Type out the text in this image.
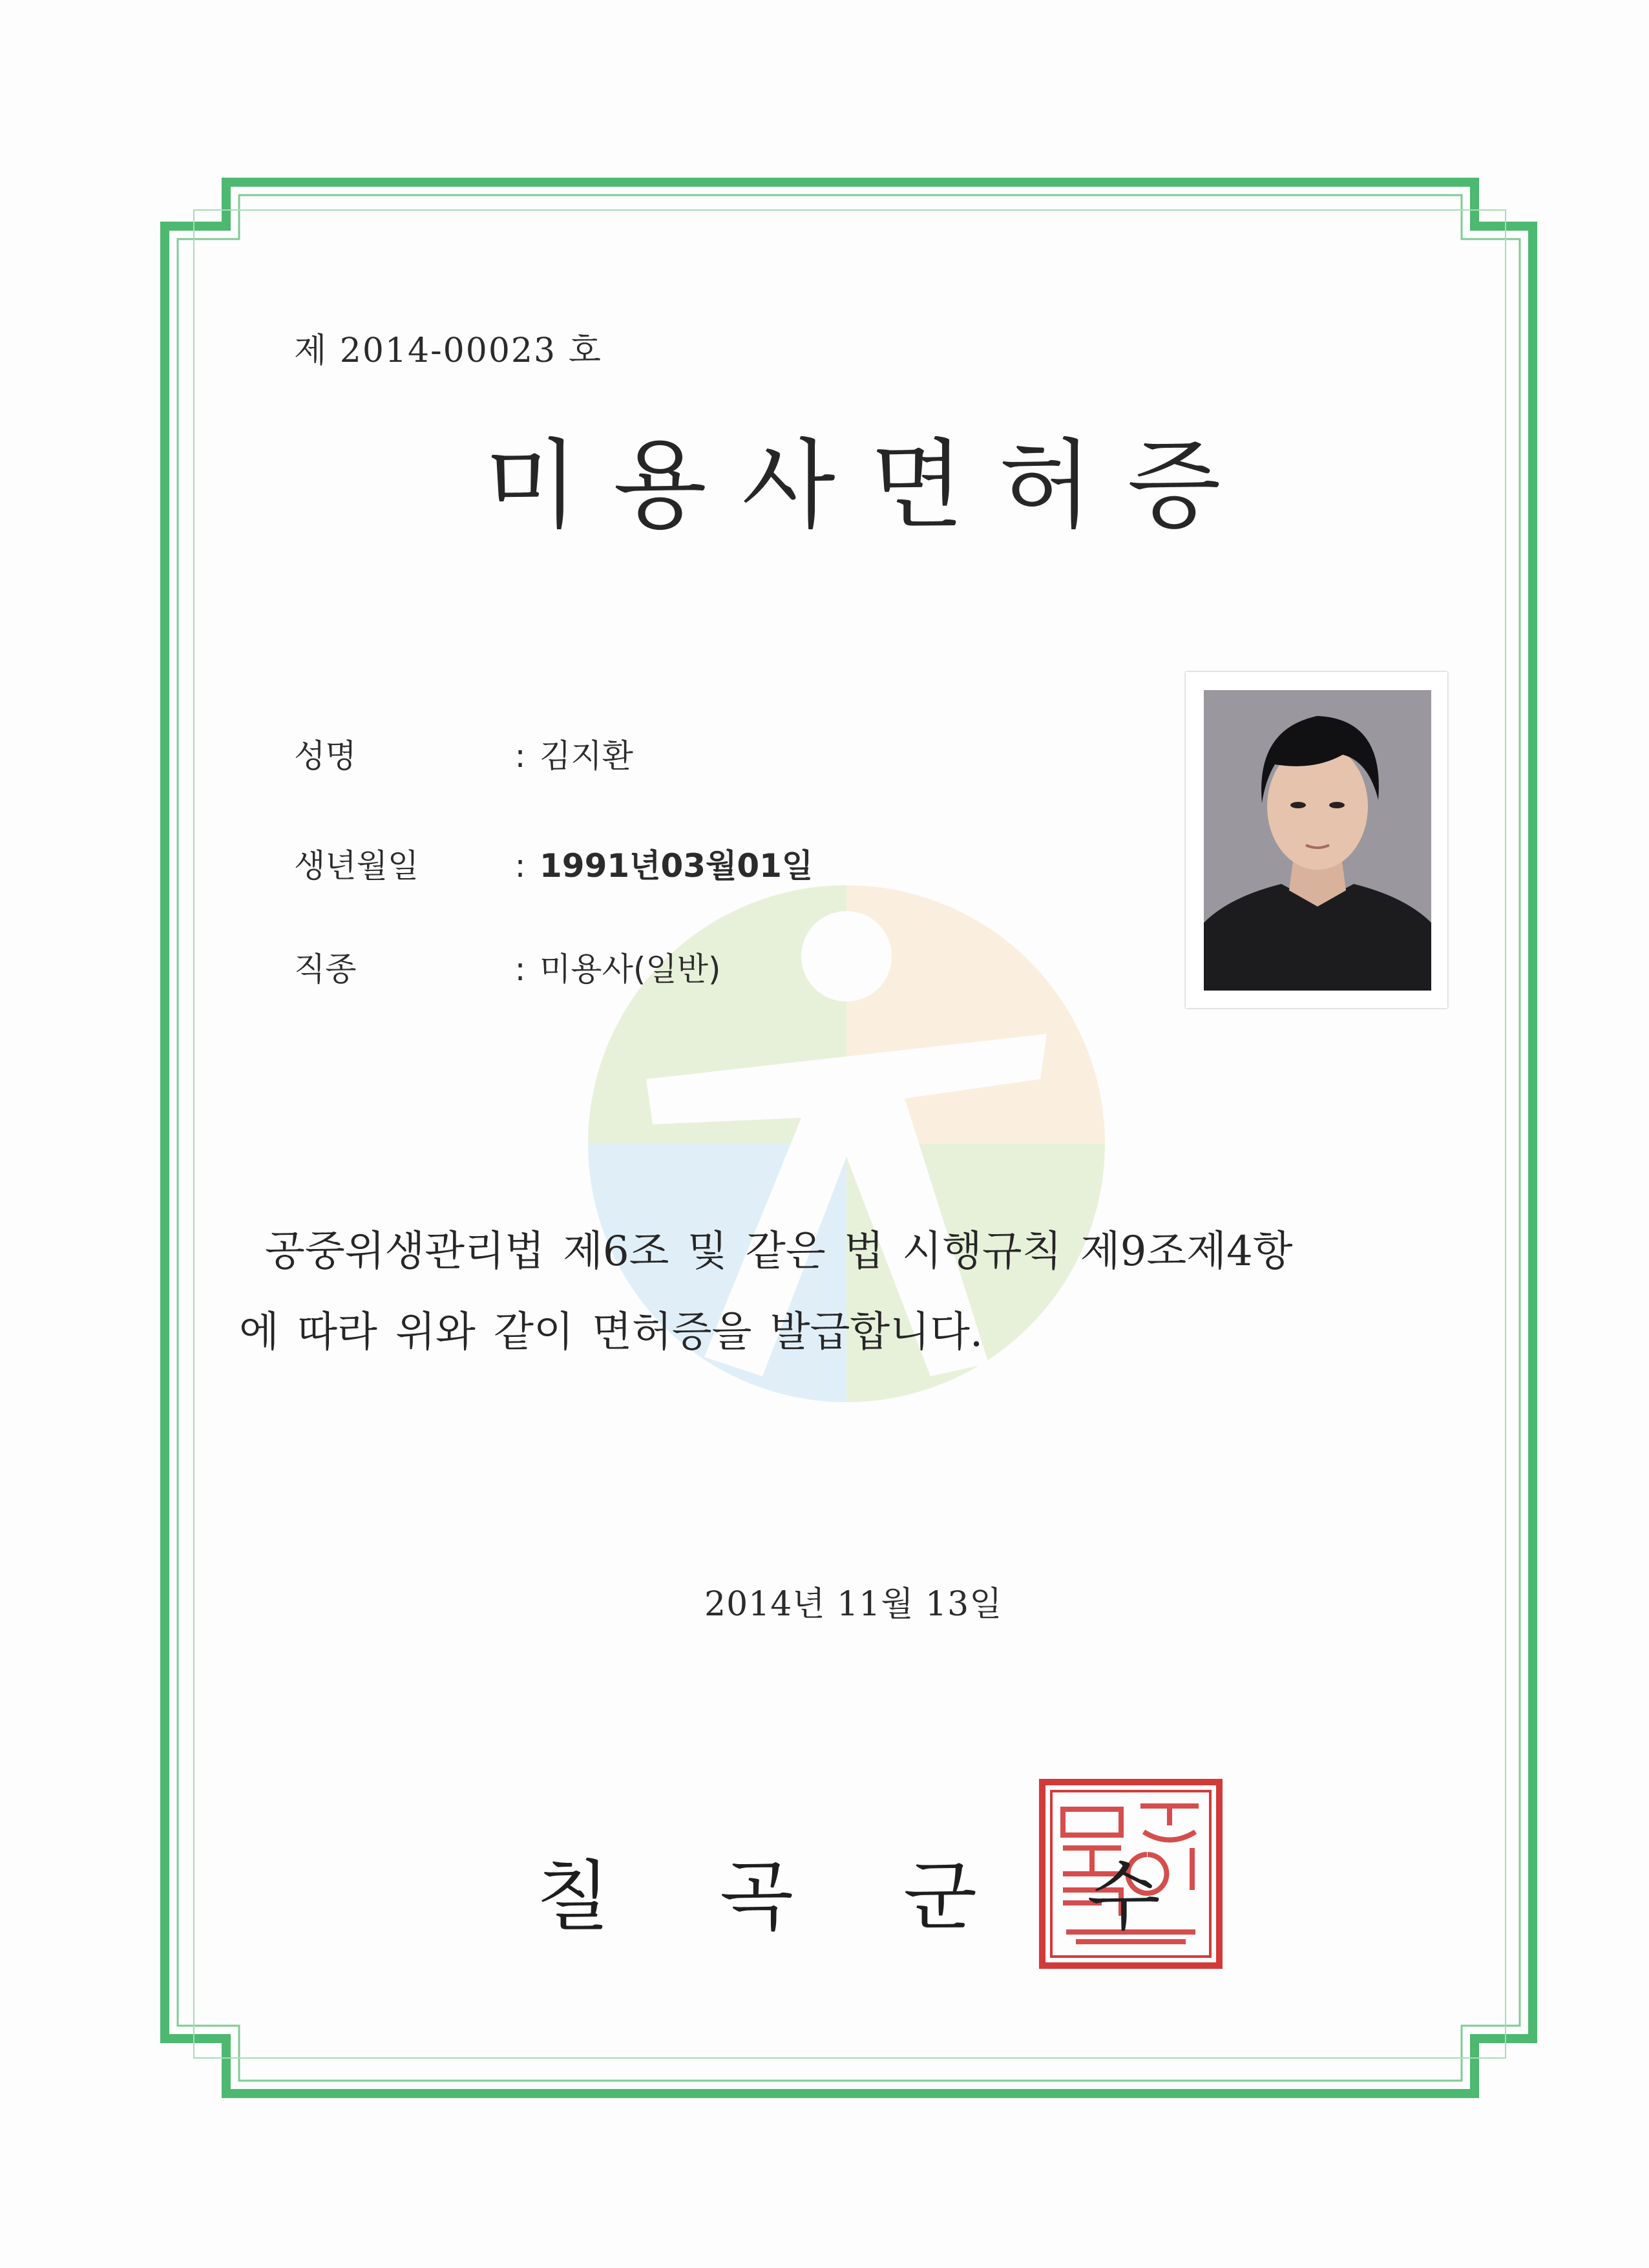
제 2014-00023 호
미용사면허증
성명	: 김지환
생년월일	: 1991년03월01일
직종	: 미용사(일반)
공중위생관리법 제6조 및 같은 법 시행규칙 제9조제4항
에 따라 위와 같이 면허증을 발급합니다.
2014년 11월 13일
칠곡군수
